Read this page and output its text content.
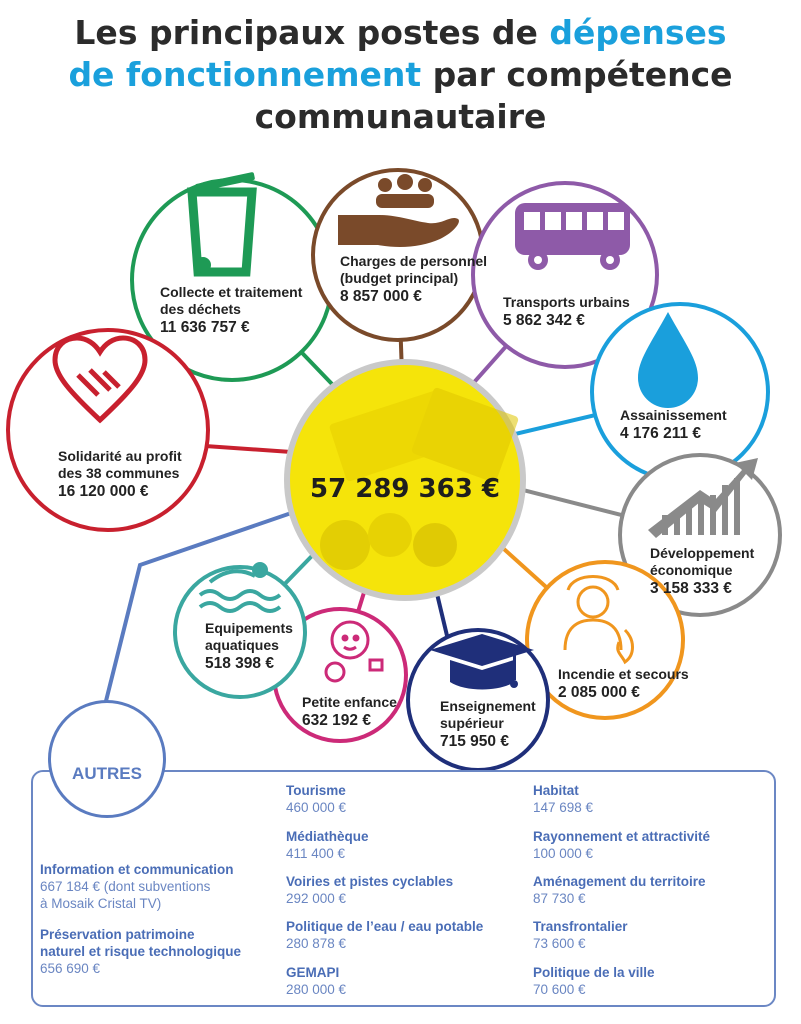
Les principaux postes de dépenses
de fonctionnement par compétence
communautaire
57 289 363 €
Collecte et traitement
des déchets
11 636 757 €
Charges de personnel
(budget principal)
8 857 000 €	Transports urbains
5 862 342 €
Assainissement
4 176 211 €
Développement
économique
3 158 333 €
Incendie et secours
2 085 000 €
Enseignement
supérieur
715 950 €
Petite enfance
632 192 €
Equipements
aquatiques
518 398 €
Solidarité au profit
des 38 communes
16 120 000 €
AUTRES
Information et communication
667 184 € (dont subventions
à Mosaik Cristal TV)
Préservation patrimoine
naturel et risque technologique
656 690 €
Tourisme
460 000 €
Médiathèque
411 400 €
Voiries et pistes cyclables
292 000 €
Politique de l’eau / eau potable
280 878 €
GEMAPI
280 000 €
Habitat
147 698 €
Rayonnement et attractivité
100 000 €
Aménagement du territoire
87 730 €
Transfrontalier
73 600 €
Politique de la ville
70 600 €
